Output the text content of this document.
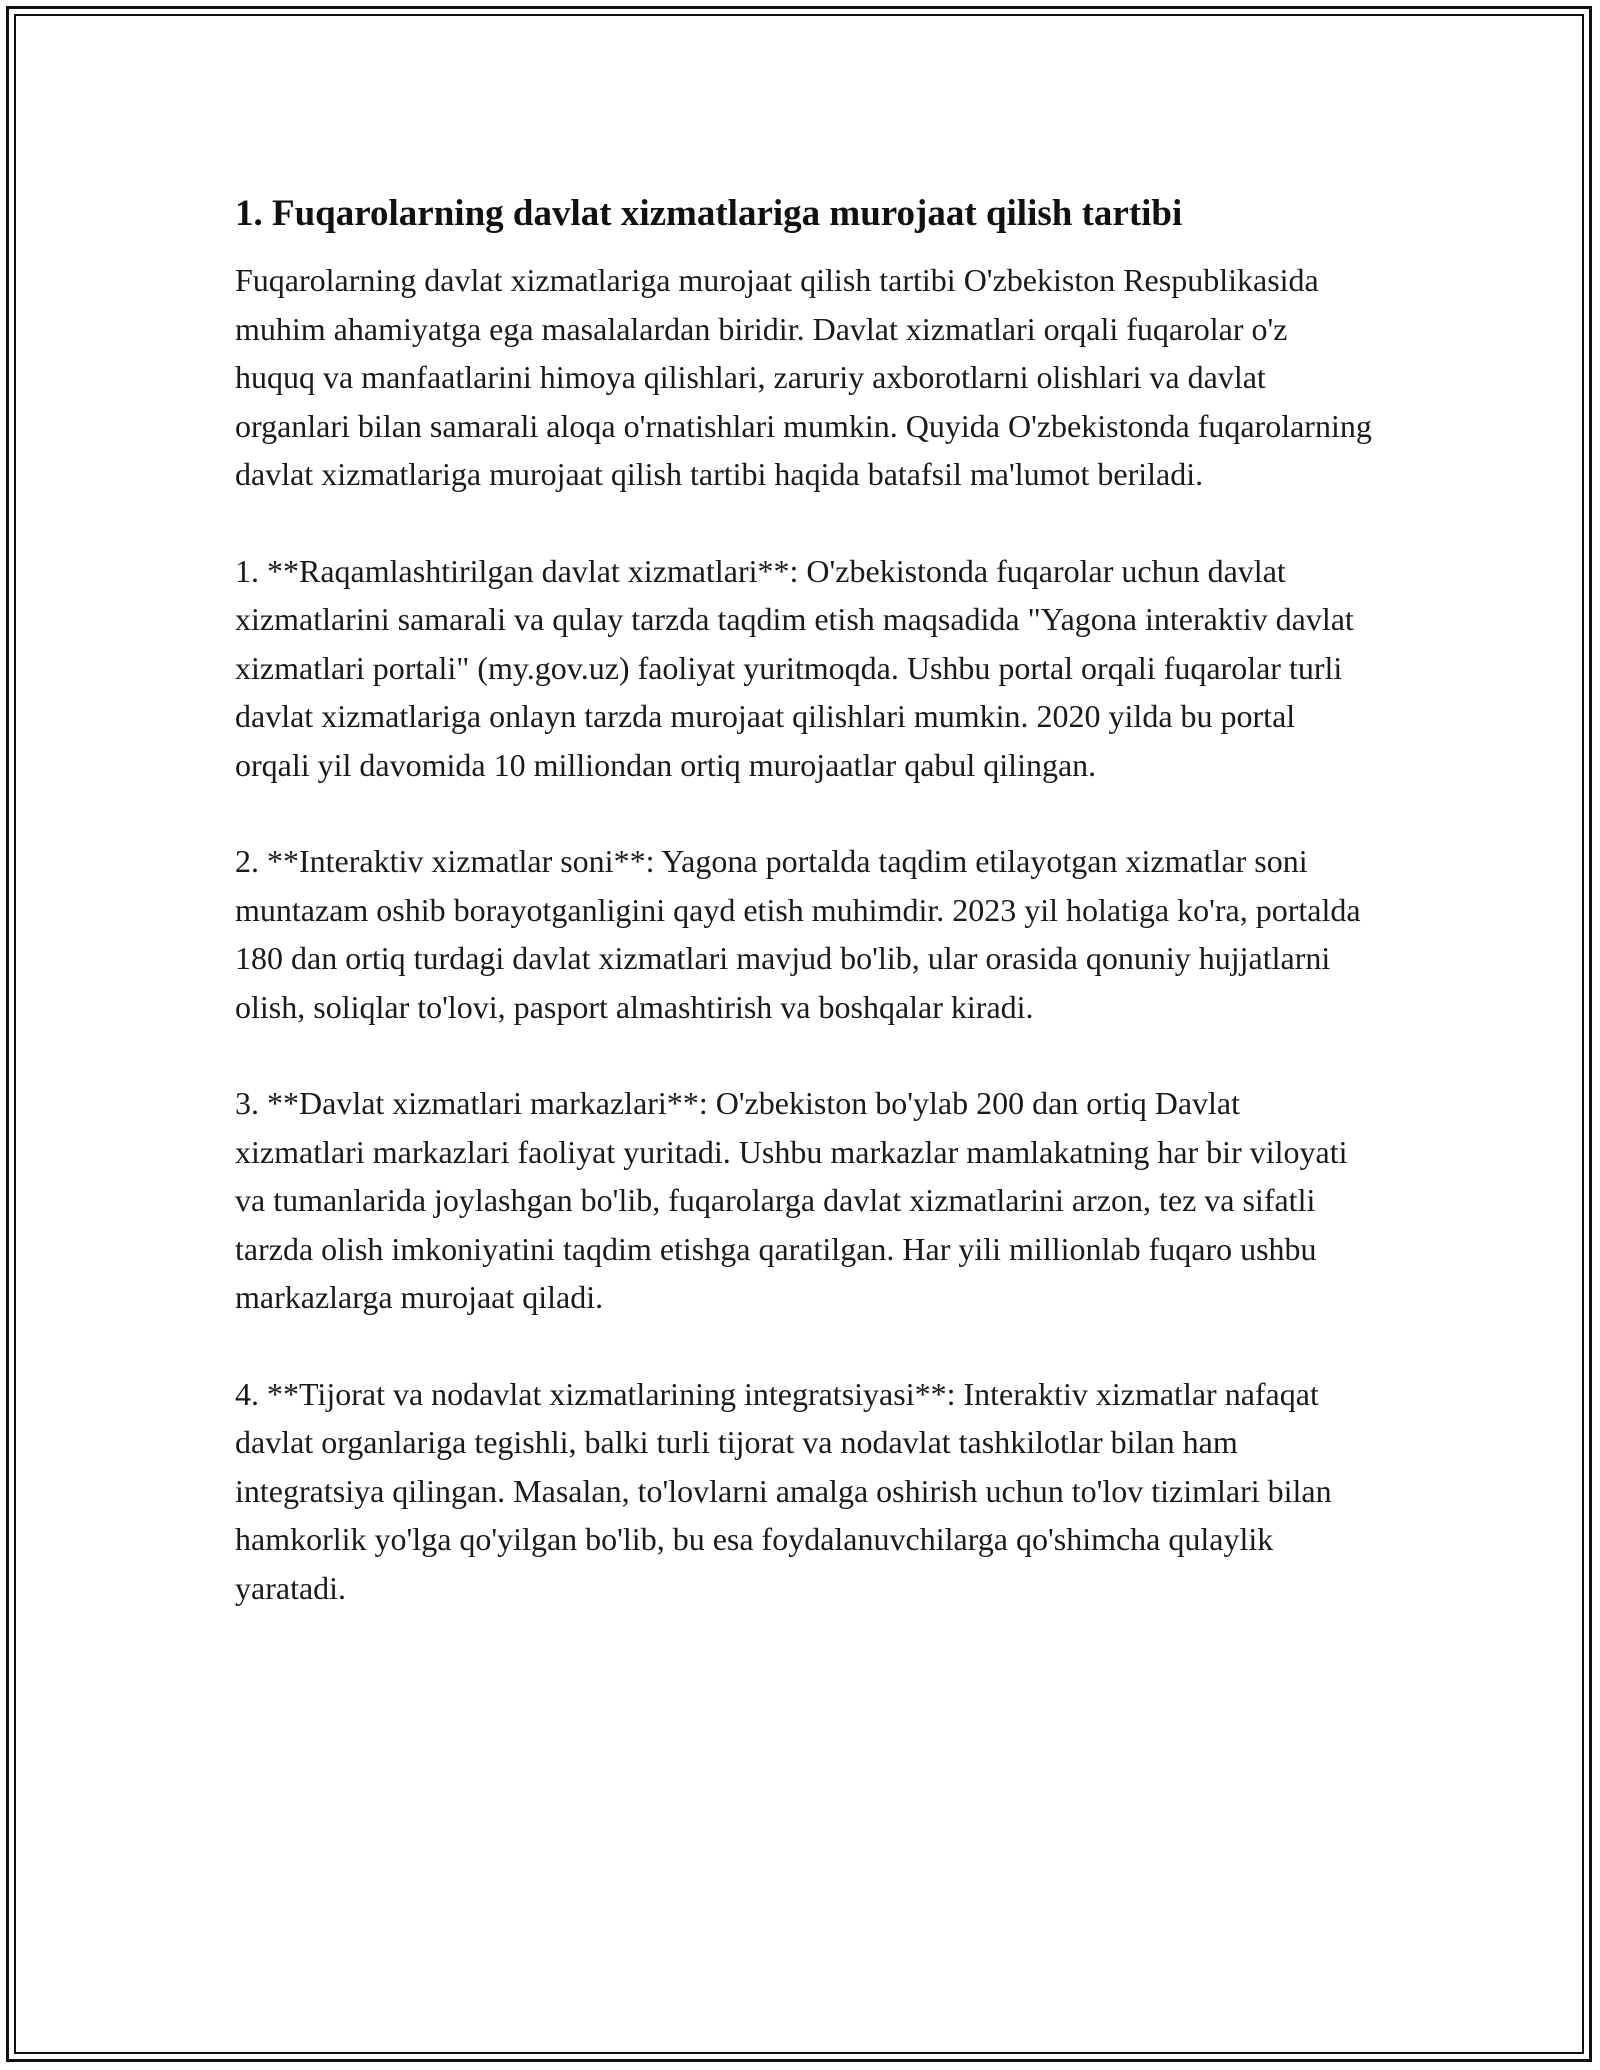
1. Fuqarolarning davlat xizmatlariga murojaat qilish tartibi

Fuqarolarning davlat xizmatlariga murojaat qilish tartibi O'zbekiston Respublikasida muhim ahamiyatga ega masalalardan biridir. Davlat xizmatlari orqali fuqarolar o'z huquq va manfaatlarini himoya qilishlari, zaruriy axborotlarni olishlari va davlat organlari bilan samarali aloqa o'rnatishlari mumkin. Quyida O'zbekistonda fuqarolarning davlat xizmatlariga murojaat qilish tartibi haqida batafsil ma'lumot beriladi.

1. **Raqamlashtirilgan davlat xizmatlari**: O'zbekistonda fuqarolar uchun davlat xizmatlarini samarali va qulay tarzda taqdim etish maqsadida "Yagona interaktiv davlat xizmatlari portali" (my.gov.uz) faoliyat yuritmoqda. Ushbu portal orqali fuqarolar turli davlat xizmatlariga onlayn tarzda murojaat qilishlari mumkin. 2020 yilda bu portal orqali yil davomida 10 milliondan ortiq murojaatlar qabul qilingan.

2. **Interaktiv xizmatlar soni**: Yagona portalda taqdim etilayotgan xizmatlar soni muntazam oshib borayotganligini qayd etish muhimdir. 2023 yil holatiga ko'ra, portalda 180 dan ortiq turdagi davlat xizmatlari mavjud bo'lib, ular orasida qonuniy hujjatlarni olish, soliqlar to'lovi, pasport almashtirish va boshqalar kiradi.

3. **Davlat xizmatlari markazlari**: O'zbekiston bo'ylab 200 dan ortiq Davlat xizmatlari markazlari faoliyat yuritadi. Ushbu markazlar mamlakatning har bir viloyati va tumanlarida joylashgan bo'lib, fuqarolarga davlat xizmatlarini arzon, tez va sifatli tarzda olish imkoniyatini taqdim etishga qaratilgan. Har yili millionlab fuqaro ushbu markazlarga murojaat qiladi.

4. **Tijorat va nodavlat xizmatlarining integratsiyasi**: Interaktiv xizmatlar nafaqat davlat organlariga tegishli, balki turli tijorat va nodavlat tashkilotlar bilan ham integratsiya qilingan. Masalan, to'lovlarni amalga oshirish uchun to'lov tizimlari bilan hamkorlik yo'lga qo'yilgan bo'lib, bu esa foydalanuvchilarga qo'shimcha qulaylik yaratadi.
